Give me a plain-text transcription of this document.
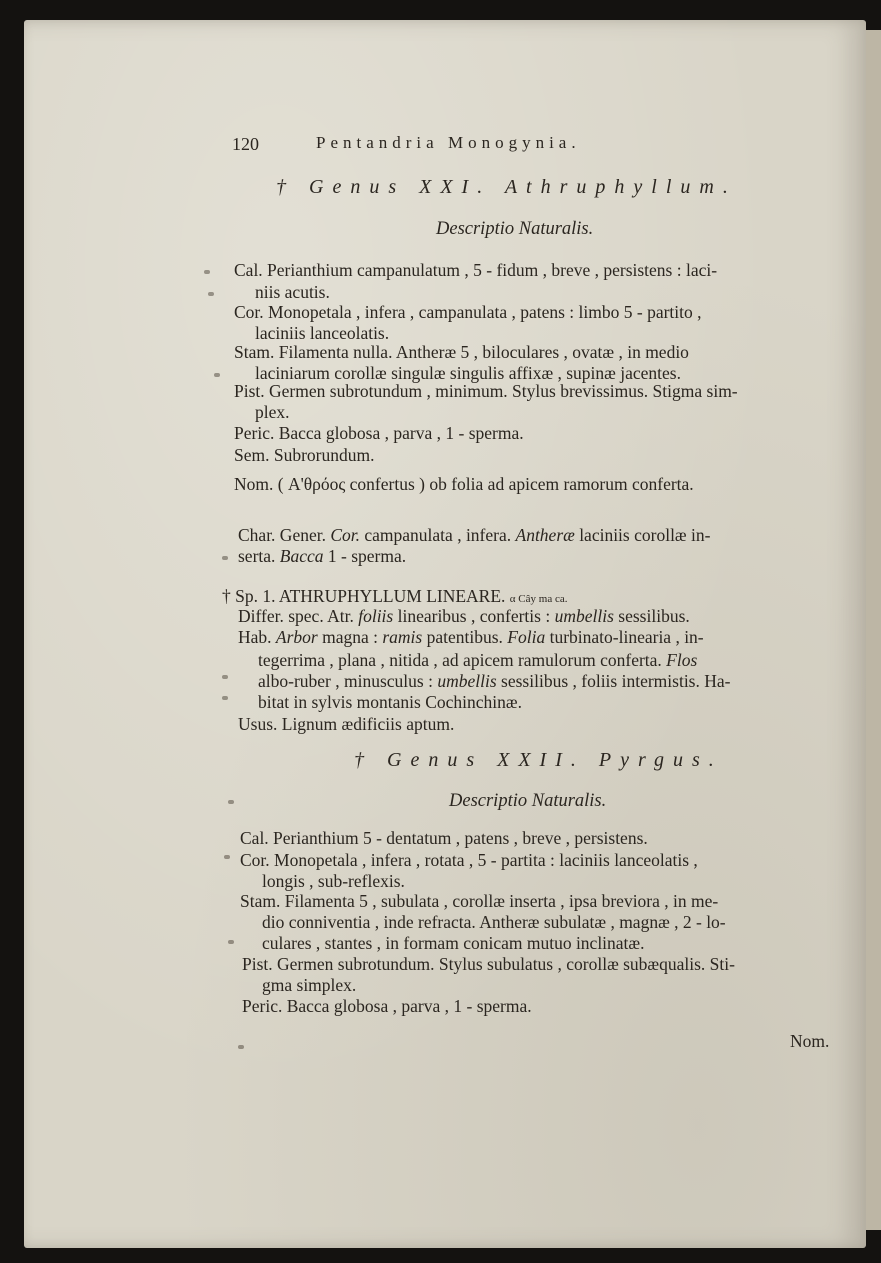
120	Pentandria Monogynia.
† Genus XXI. Athruphyllum.
Descriptio Naturalis.
Cal. Perianthium campanulatum , 5 - fidum , breve , persistens : laci-
niis acutis.
Cor. Monopetala , infera , campanulata , patens : limbo 5 - partito ,
laciniis lanceolatis.
Stam. Filamenta nulla. Antheræ 5 , biloculares , ovatæ , in medio
laciniarum corollæ singulæ singulis affixæ , supinæ jacentes.
Pist. Germen subrotundum , minimum. Stylus brevissimus. Stigma sim-
plex.
Peric. Bacca globosa , parva , 1 - sperma.
Sem. Subrorundum.
Nom. ( Α'θρόος confertus ) ob folia ad apicem ramorum conferta.
Char. Gener. Cor. campanulata , infera. Antheræ laciniis corollæ in-
serta. Bacca 1 - sperma.
† Sp. 1. ATHRUPHYLLUM LINEARE. α Cây ma ca.
Differ. spec. Atr. foliis linearibus , confertis : umbellis sessilibus.
Hab. Arbor magna : ramis patentibus. Folia turbinato-linearia , in-
tegerrima , plana , nitida , ad apicem ramulorum conferta. Flos
albo-ruber , minusculus : umbellis sessilibus , foliis intermistis. Ha-
bitat in sylvis montanis Cochinchinæ.
Usus. Lignum ædificiis aptum.
† Genus XXII. Pyrgus.
Descriptio Naturalis.
Cal. Perianthium 5 - dentatum , patens , breve , persistens.
Cor. Monopetala , infera , rotata , 5 - partita : laciniis lanceolatis ,
longis , sub-reflexis.
Stam. Filamenta 5 , subulata , corollæ inserta , ipsa breviora , in me-
dio conniventia , inde refracta. Antheræ subulatæ , magnæ , 2 - lo-
culares , stantes , in formam conicam mutuo inclinatæ.
Pist. Germen subrotundum. Stylus subulatus , corollæ subæqualis. Sti-
gma simplex.
Peric. Bacca globosa , parva , 1 - sperma.
Nom.
